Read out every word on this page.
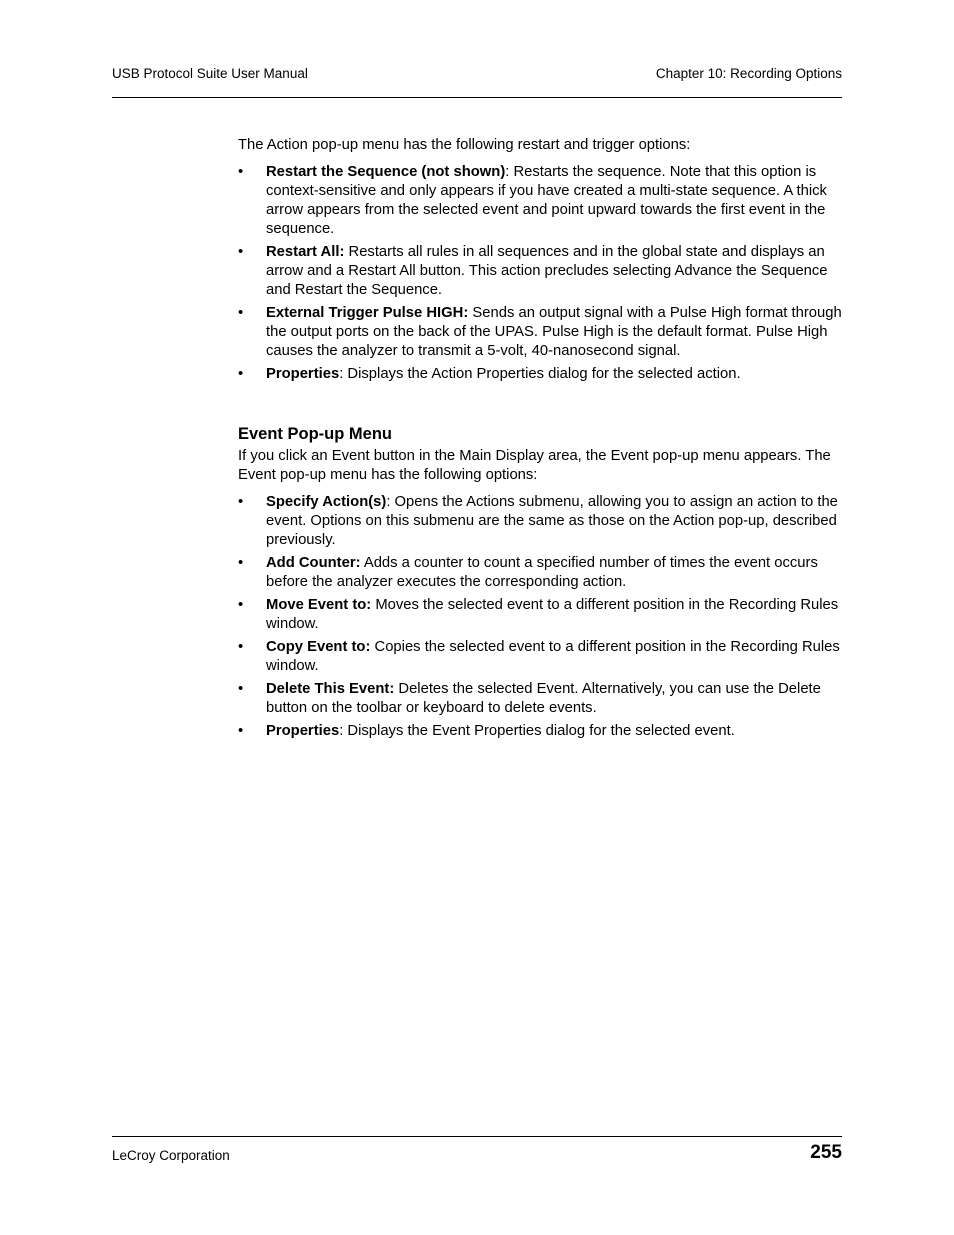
USB Protocol Suite User Manual	Chapter 10: Recording Options

The Action pop-up menu has the following restart and trigger options:

• Restart the Sequence (not shown): Restarts the sequence. Note that this option is context-sensitive and only appears if you have created a multi-state sequence. A thick arrow appears from the selected event and point upward towards the first event in the sequence.
• Restart All: Restarts all rules in all sequences and in the global state and displays an arrow and a Restart All button. This action precludes selecting Advance the Sequence and Restart the Sequence.
• External Trigger Pulse HIGH: Sends an output signal with a Pulse High format through the output ports on the back of the UPAS. Pulse High is the default format. Pulse High causes the analyzer to transmit a 5-volt, 40-nanosecond signal.
• Properties: Displays the Action Properties dialog for the selected action.
Event Pop-up Menu

If you click an Event button in the Main Display area, the Event pop-up menu appears. The Event pop-up menu has the following options:

• Specify Action(s): Opens the Actions submenu, allowing you to assign an action to the event. Options on this submenu are the same as those on the Action pop-up, described previously.
• Add Counter: Adds a counter to count a specified number of times the event occurs before the analyzer executes the corresponding action.
• Move Event to: Moves the selected event to a different position in the Recording Rules window.
• Copy Event to: Copies the selected event to a different position in the Recording Rules window.
• Delete This Event: Deletes the selected Event. Alternatively, you can use the Delete button on the toolbar or keyboard to delete events.
• Properties: Displays the Event Properties dialog for the selected event.
LeCroy Corporation	255
